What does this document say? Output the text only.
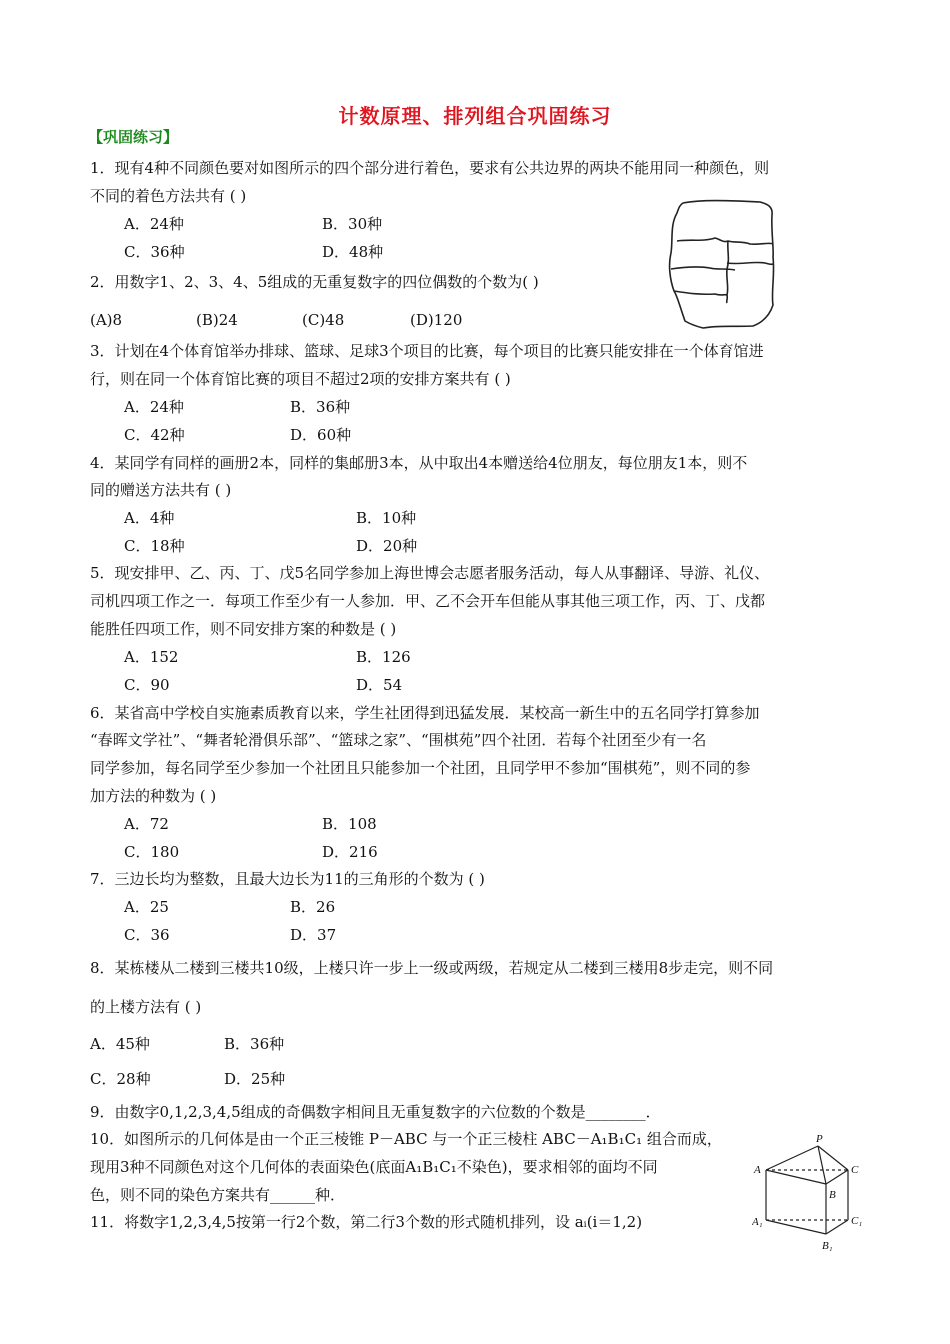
计数原理、排列组合巩固练习
【巩固练习】
1．现有4种不同颜色要对如图所示的四个部分进行着色，要求有公共边界的两块不能用同一种颜色，则
不同的着色方法共有 ( )
A．24种	B．30种
C．36种	D．48种
2．用数字1、2、3、4、5组成的无重复数字的四位偶数的个数为( )
(A)8	(B)24	(C)48	(D)120
3．计划在4个体育馆举办排球、篮球、足球3个项目的比赛，每个项目的比赛只能安排在一个体育馆进
行，则在同一个体育馆比赛的项目不超过2项的安排方案共有 ( )
A．24种	B．36种
C．42种	D．60种
4．某同学有同样的画册2本，同样的集邮册3本，从中取出4本赠送给4位朋友，每位朋友1本，则不
同的赠送方法共有 ( )
A．4种	B．10种
C．18种	D．20种
5．现安排甲、乙、丙、丁、戊5名同学参加上海世博会志愿者服务活动，每人从事翻译、导游、礼仪、
司机四项工作之一．每项工作至少有一人参加．甲、乙不会开车但能从事其他三项工作，丙、丁、戊都
能胜任四项工作，则不同安排方案的种数是 ( )
A．152	B．126
C．90	D．54
6．某省高中学校自实施素质教育以来，学生社团得到迅猛发展．某校高一新生中的五名同学打算参加
“春晖文学社”、“舞者轮滑俱乐部”、“篮球之家”、“围棋苑”四个社团．若每个社团至少有一名
同学参加，每名同学至少参加一个社团且只能参加一个社团，且同学甲不参加“围棋苑”，则不同的参
加方法的种数为 ( )
A．72	B．108
C．180	D．216
7．三边长均为整数，且最大边长为11的三角形的个数为 ( )
A．25	B．26
C．36	D．37
8．某栋楼从二楼到三楼共10级，上楼只许一步上一级或两级，若规定从二楼到三楼用8步走完，则不同
的上楼方法有 ( )
A．45种	B．36种
C．28种	D．25种
9．由数字0,1,2,3,4,5组成的奇偶数字相间且无重复数字的六位数的个数是________．
10．如图所示的几何体是由一个正三棱锥 P－ABC 与一个正三棱柱 ABC－A₁B₁C₁ 组合而成，
现用3种不同颜色对这个几何体的表面染色(底面A₁B₁C₁不染色)，要求相邻的面均不同
色，则不同的染色方案共有______种．
11．将数字1,2,3,4,5按第一行2个数，第二行3个数的形式随机排列，设 aᵢ(i＝1,2)
P
A	C
B
A₁	C₁
B₁
